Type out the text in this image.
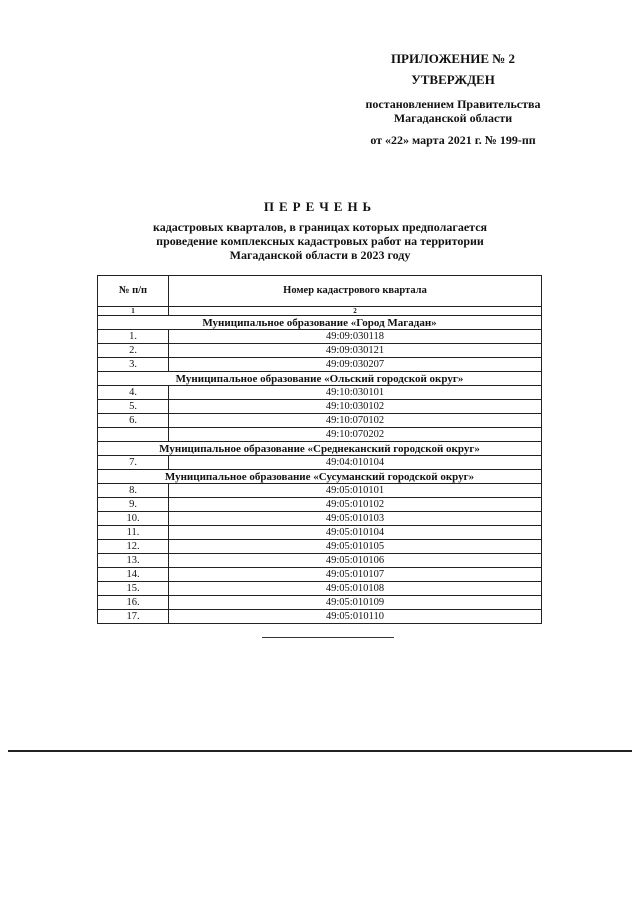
ПРИЛОЖЕНИЕ № 2
УТВЕРЖДЕН
постановлением Правительства
Магаданской области
от «22» марта 2021 г. № 199-пп
ПЕРЕЧЕНЬ
кадастровых кварталов, в границах которых предполагается
проведение комплексных кадастровых работ на территории
Магаданской области в 2023 году
№ п/п	Номер кадастрового квартала
1	2
Муниципальное образование «Город Магадан»	
1.	49:09:030118
2.	49:09:030121
3.	49:09:030207
Муниципальное образование «Ольский городской округ»	
4.	49:10:030101
5.	49:10:030102
6.	49:10:070102
	49:10:070202
Муниципальное образование «Среднеканский городской округ»	
7.	49:04:010104
Муниципальное образование «Сусуманский городской округ»	
8.	49:05:010101
9.	49:05:010102
10.	49:05:010103
11.	49:05:010104
12.	49:05:010105
13.	49:05:010106
14.	49:05:010107
15.	49:05:010108
16.	49:05:010109
17.	49:05:010110
